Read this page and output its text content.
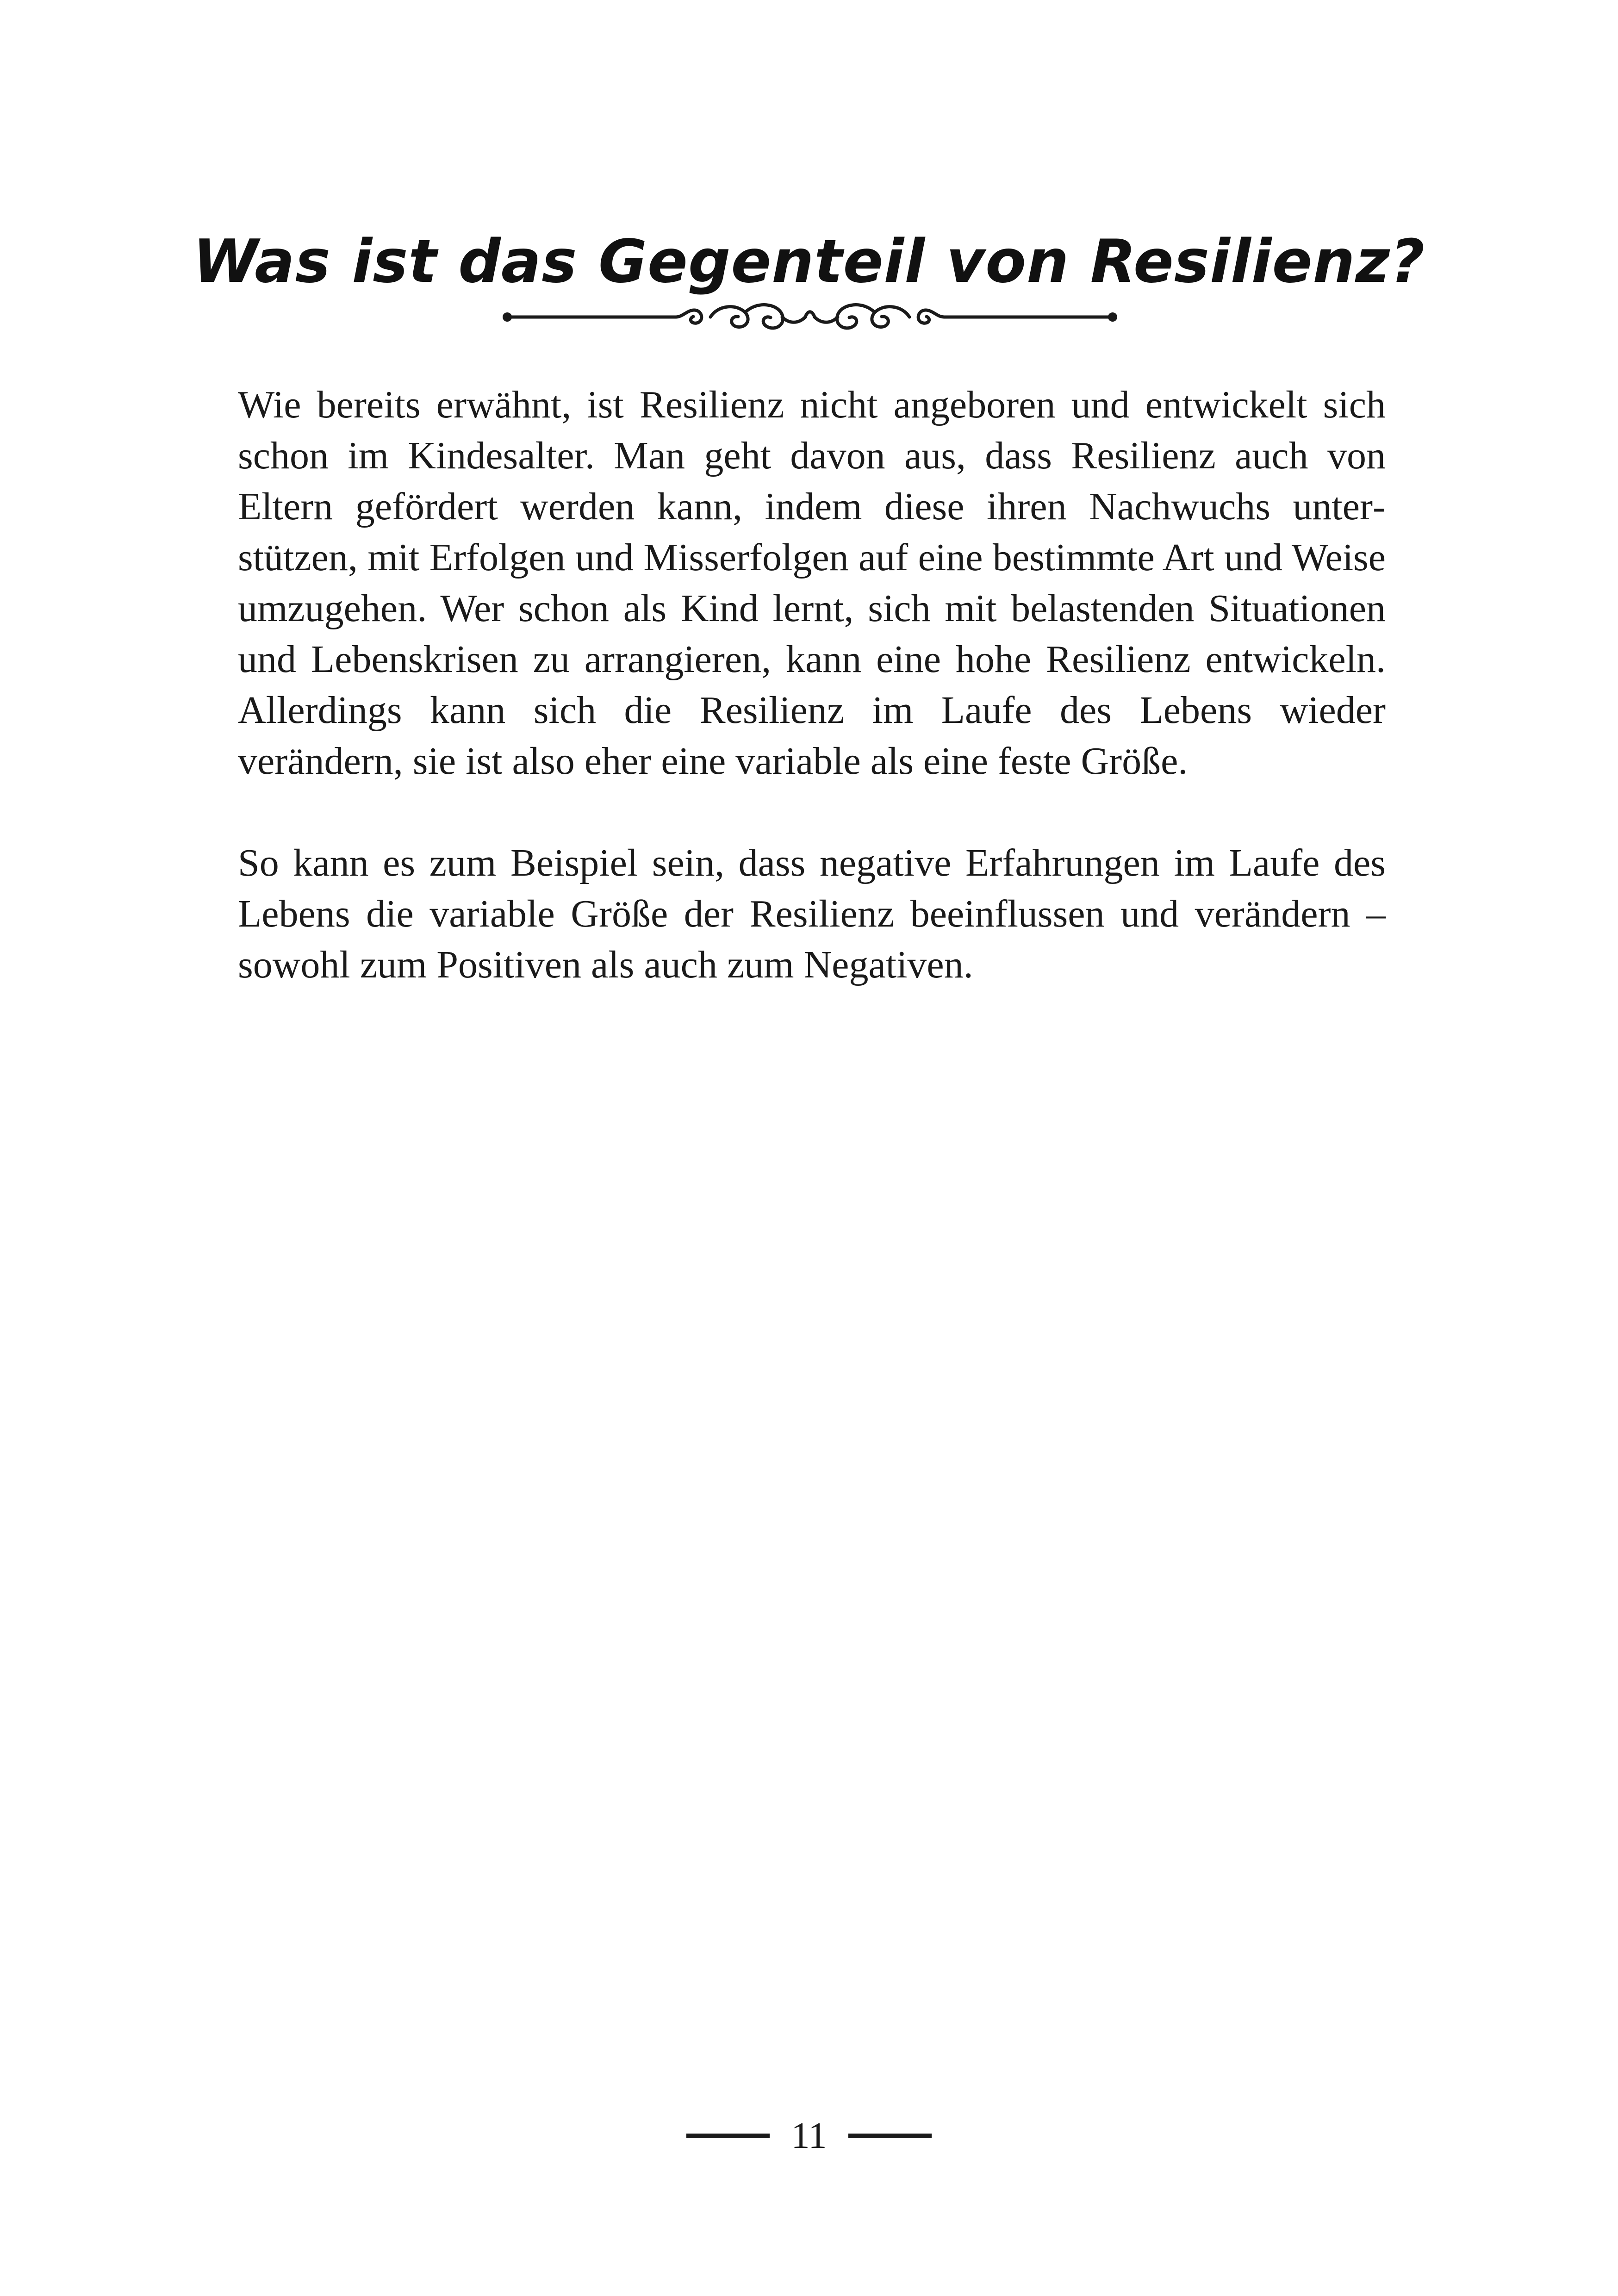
Was ist das Gegenteil von Resilienz?

Wie bereits erwähnt, ist Resilienz nicht angeboren und entwickelt sich schon im Kindesalter. Man geht davon aus, dass Resilienz auch von Eltern gefördert werden kann, indem diese ihren Nachwuchs unterstützen, mit Erfolgen und Misserfolgen auf eine bestimmte Art und Weise umzugehen. Wer schon als Kind lernt, sich mit belastenden Situationen und Lebenskrisen zu arrangieren, kann eine hohe Resilienz entwickeln. Allerdings kann sich die Resilienz im Laufe des Lebens wieder verändern, sie ist also eher eine variable als eine feste Größe.

So kann es zum Beispiel sein, dass negative Erfahrungen im Laufe des Lebens die variable Größe der Resilienz beeinflussen und verändern – sowohl zum Positiven als auch zum Negativen.

11
